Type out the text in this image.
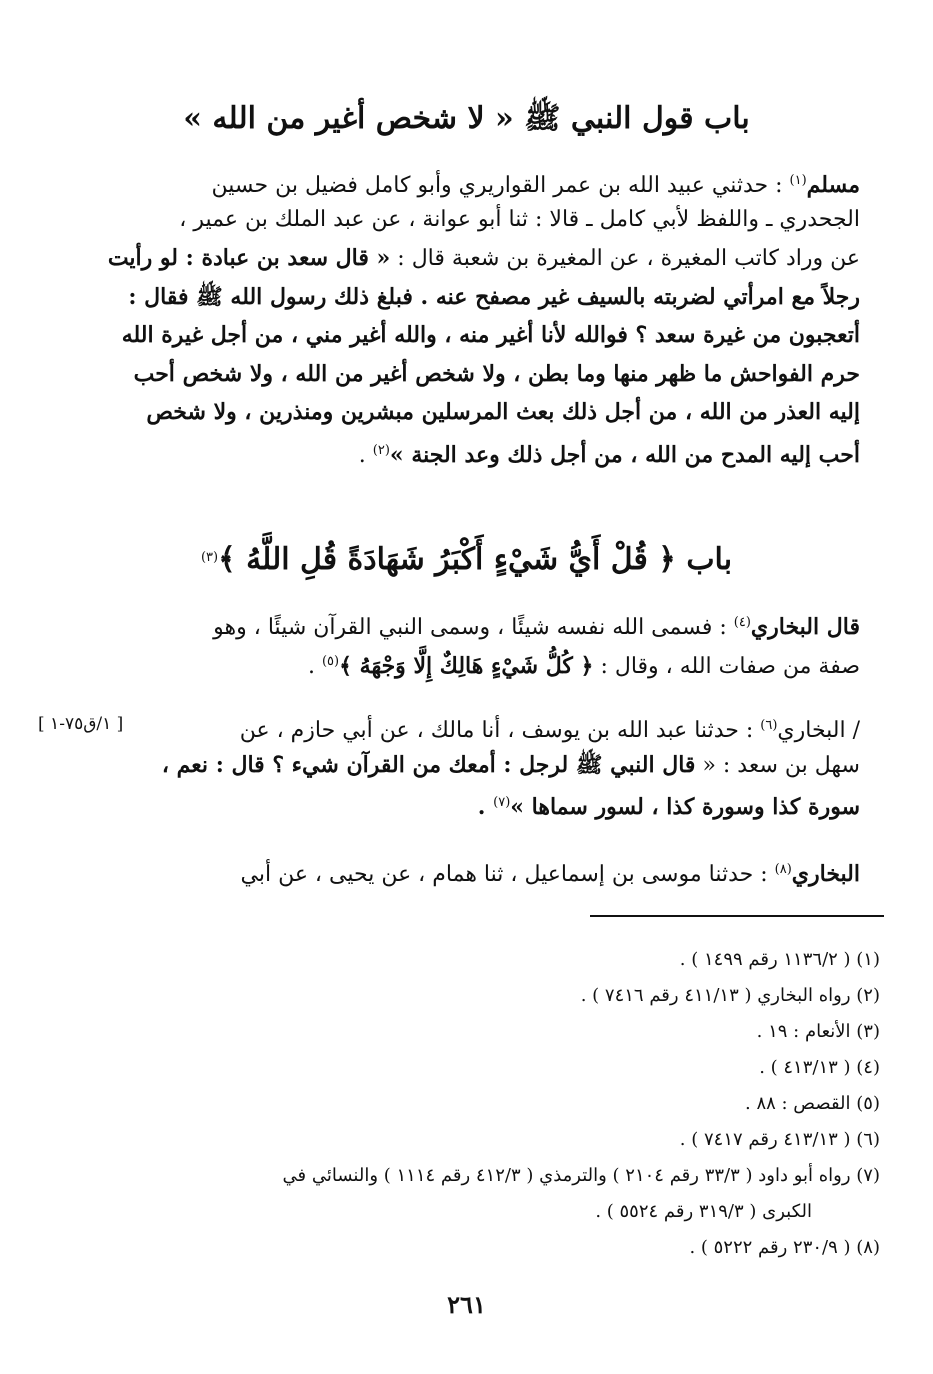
باب قول النبي ﷺ « لا شخص أغير من الله »

مسلم$^{(١)}$ : حدثني عبيد الله بن عمر القواريري وأبو كامل فضيل بن حسين

الجحدري ـ واللفظ لأبي كامل ـ قالا : ثنا أبو عوانة ، عن عبد الملك بن عمير ،

عن وراد كاتب المغيرة ، عن المغيرة بن شعبة قال : « قال سعد بن عبادة : لو رأيت

رجلاً مع امرأتي لضربته بالسيف غير مصفح عنه . فبلغ ذلك رسول الله ﷺ فقال :

أتعجبون من غيرة سعد ؟ فوالله لأنا أغير منه ، والله أغير مني ، من أجل غيرة الله

حرم الفواحش ما ظهر منها وما بطن ، ولا شخص أغير من الله ، ولا شخص أحب

إليه العذر من الله ، من أجل ذلك بعث المرسلين مبشرين ومنذرين ، ولا شخص

أحب إليه المدح من الله ، من أجل ذلك وعد الجنة »$^{(٢)}$ .

باب ﴿ قُلْ أَيُّ شَيْءٍ أَكْبَرُ شَهَادَةً قُلِ اللَّهُ ﴾$^{(٣)}$

قال البخاري$^{(٤)}$ : فسمى الله نفسه شيئًا ، وسمى النبي القرآن شيئًا ، وهو

صفة من صفات الله ، وقال : ﴿ كُلُّ شَيْءٍ هَالِكٌ إِلَّا وَجْهَهُ ﴾$^{(٥)}$ .

[ ١/ق٧٥-١ ]	/ البخاري$^{(٦)}$ : حدثنا عبد الله بن يوسف ، أنا مالك ، عن أبي حازم ، عن

سهل بن سعد : « قال النبي ﷺ لرجل : أمعك من القرآن شيء ؟ قال : نعم ،

سورة كذا وسورة كذا ، لسور سماها »$^{(٧)}$ .

البخاري$^{(٨)}$ : حدثنا موسى بن إسماعيل ، ثنا همام ، عن يحيى ، عن أبي

(١) ( ١١٣٦/٢ رقم ١٤٩٩ ) .

(٢) رواه البخاري ( ٤١١/١٣ رقم ٧٤١٦ ) .

(٣) الأنعام : ١٩ .

(٤) ( ٤١٣/١٣ ) .

(٥) القصص : ٨٨ .

(٦) ( ٤١٣/١٣ رقم ٧٤١٧ ) .

(٧) رواه أبو داود ( ٣٣/٣ رقم ٢١٠٤ ) والترمذي ( ٤١٢/٣ رقم ١١١٤ ) والنسائي في

الكبرى ( ٣١٩/٣ رقم ٥٥٢٤ ) .

(٨) ( ٢٣٠/٩ رقم ٥٢٢٢ ) .

٢٦١
